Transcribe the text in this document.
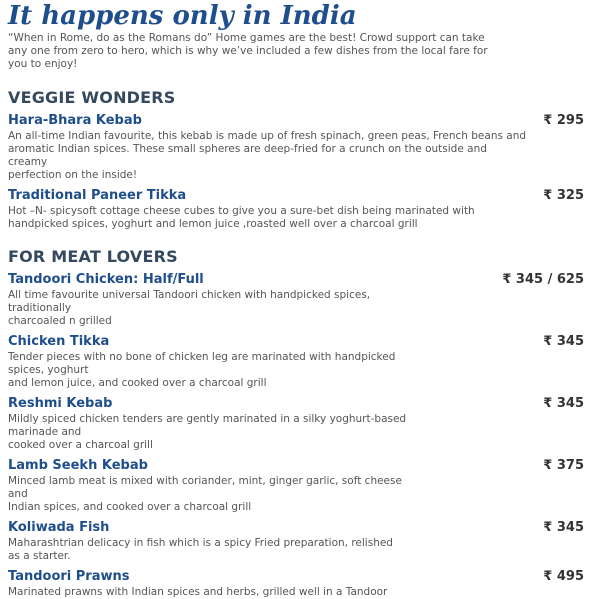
It happens only in India
“When in Rome, do as the Romans do” Home games are the best! Crowd support can take
any one from zero to hero, which is why we’ve included a few dishes from the local fare for
you to enjoy!
VEGGIE WONDERS
Hara-Bhara Kebab	₹ 295
An all-time Indian favourite, this kebab is made up of fresh spinach, green peas, French beans and
aromatic Indian spices. These small spheres are deep-fried for a crunch on the outside and creamy
perfection on the inside!
Traditional Paneer Tikka	₹ 325
Hot –N- spicysoft cottage cheese cubes to give you a sure-bet dish being marinated with
handpicked spices, yoghurt and lemon juice ,roasted well over a charcoal grill
FOR MEAT LOVERS
Tandoori Chicken: Half/Full	₹ 345 / 625
All time favourite universal Tandoori chicken with handpicked spices, traditionally
charcoaled n grilled
Chicken Tikka	₹ 345
Tender pieces with no bone of chicken leg are marinated with handpicked spices, yoghurt
and lemon juice, and cooked over a charcoal grill
Reshmi Kebab	₹ 345
Mildly spiced chicken tenders are gently marinated in a silky yoghurt-based marinade and
cooked over a charcoal grill
Lamb Seekh Kebab	₹ 375
Minced lamb meat is mixed with coriander, mint, ginger garlic, soft cheese and
Indian spices, and cooked over a charcoal grill
Koliwada Fish	₹ 345
Maharashtrian delicacy in fish which is a spicy Fried preparation, relished
as a starter.
Tandoori Prawns	₹ 495
Marinated prawns with Indian spices and herbs, grilled well in a Tandoor
